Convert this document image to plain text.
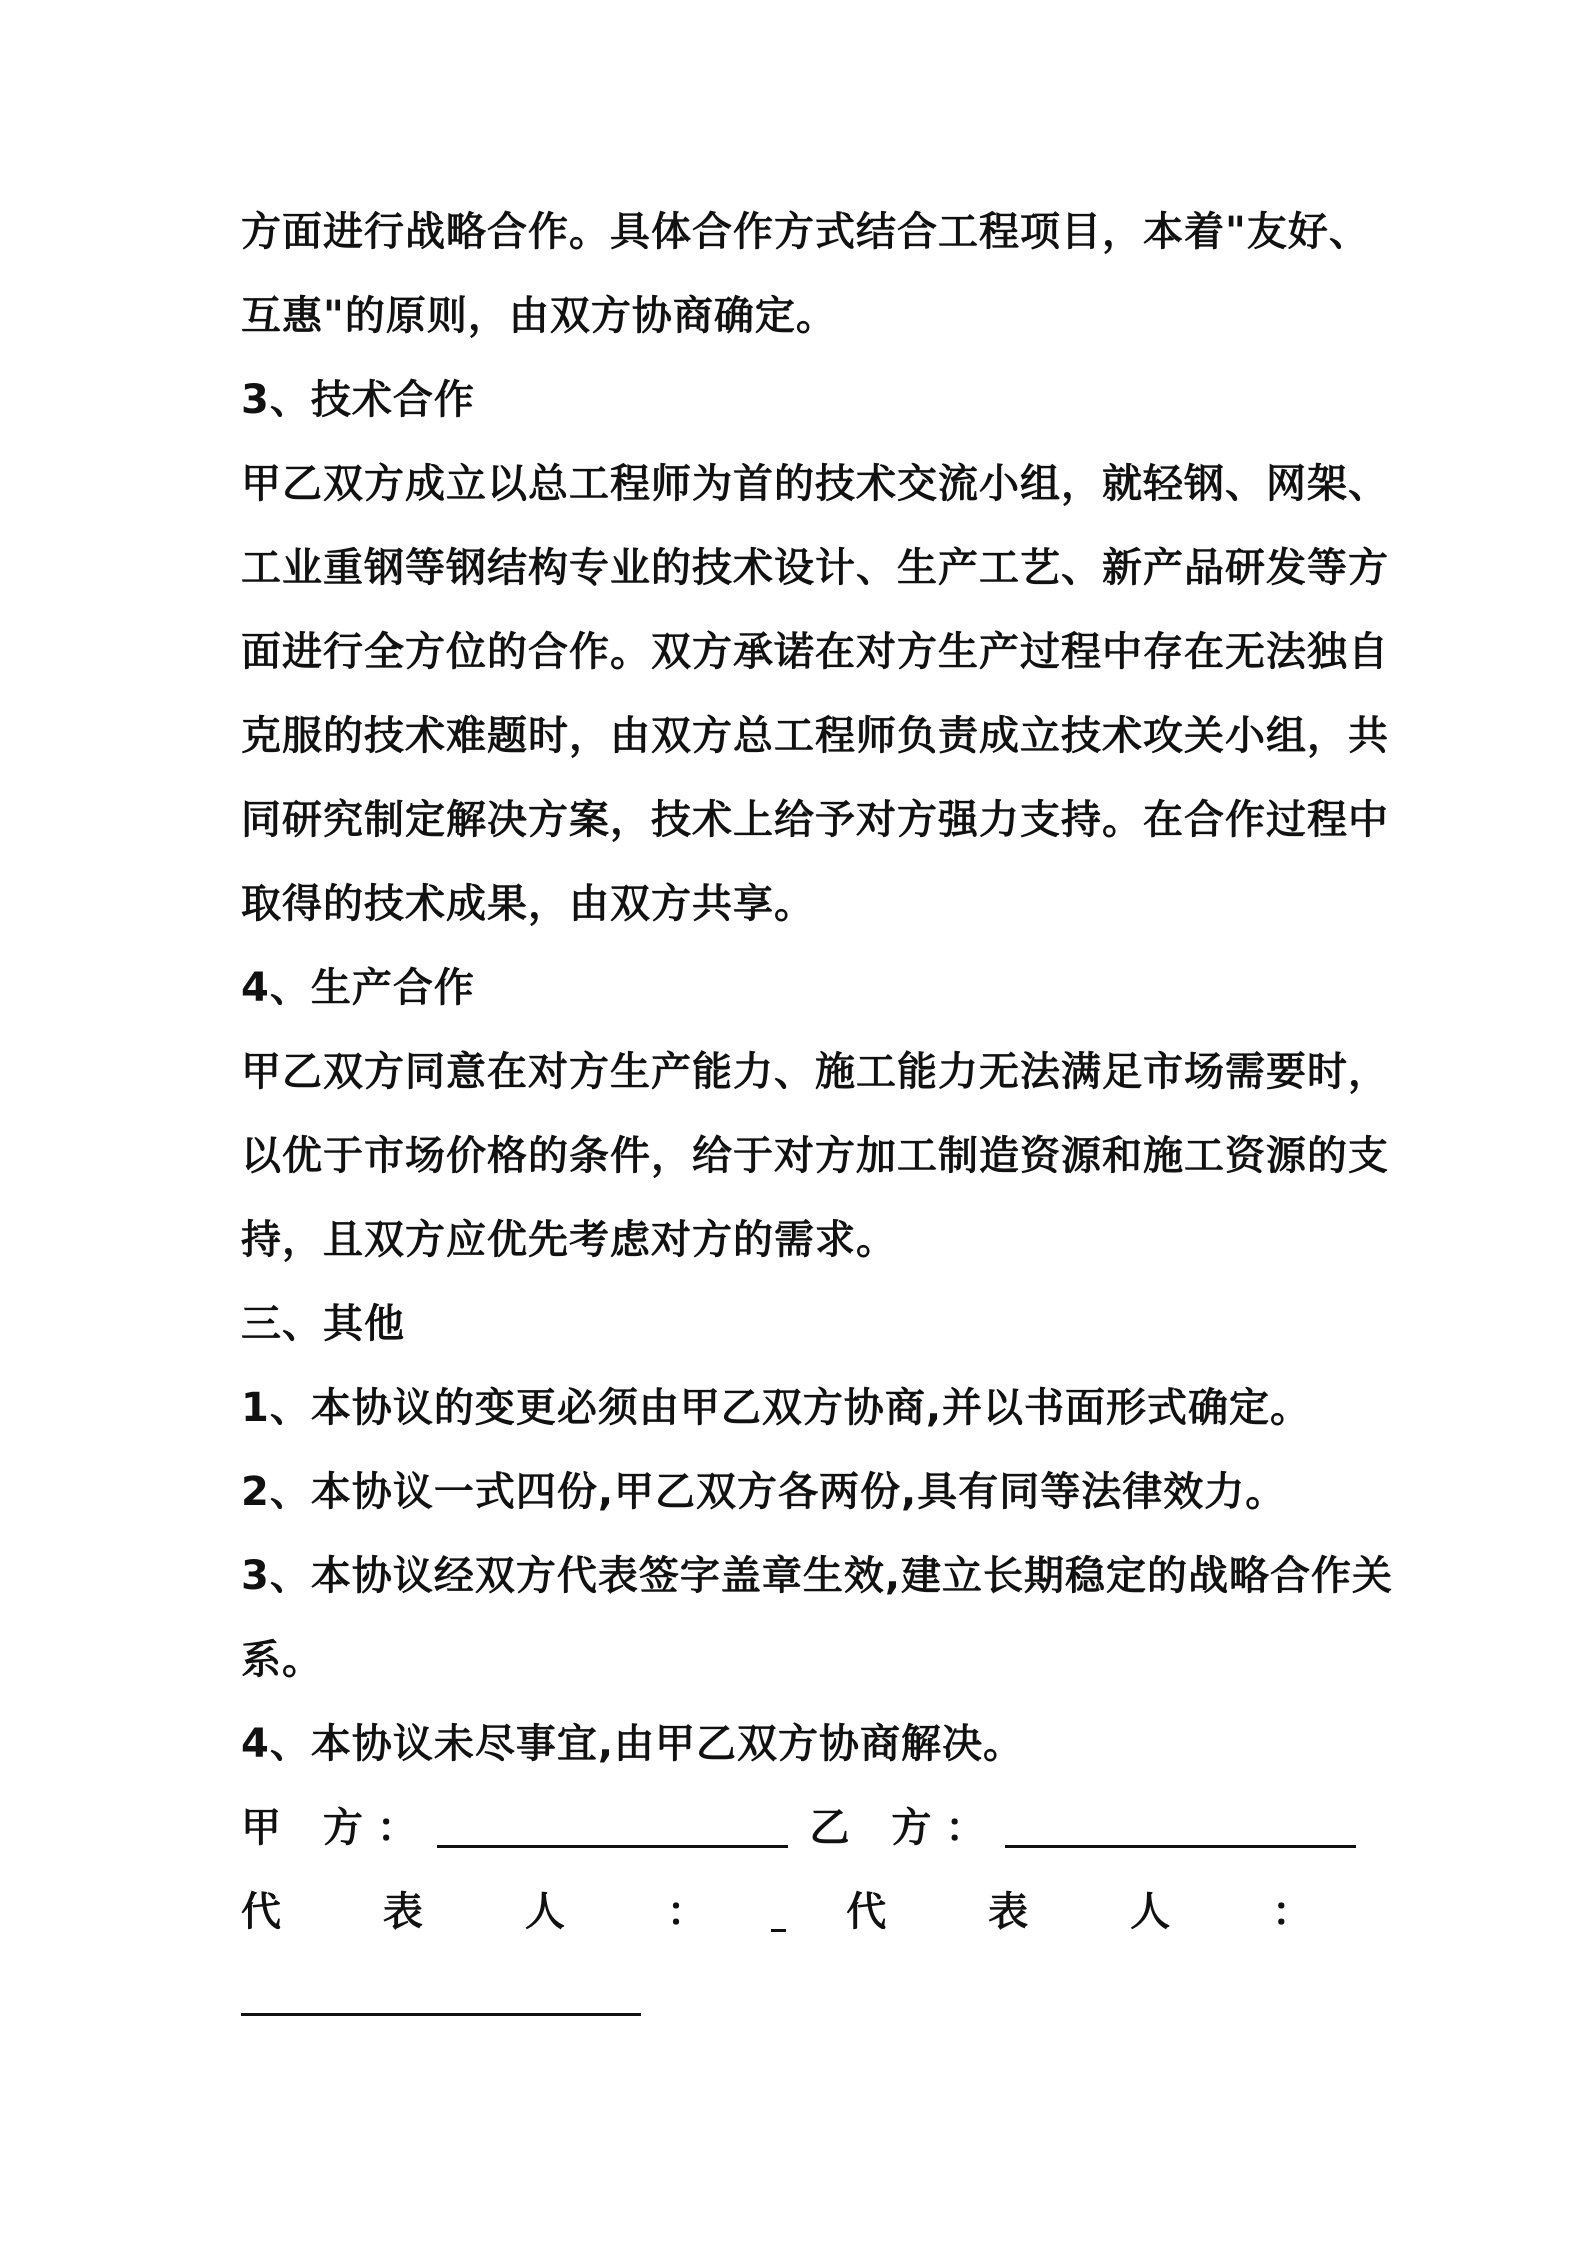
方面进行战略合作。具体合作方式结合工程项目，本着"友好、
互惠"的原则，由双方协商确定。
3、技术合作
甲乙双方成立以总工程师为首的技术交流小组，就轻钢、网架、
工业重钢等钢结构专业的技术设计、生产工艺、新产品研发等方
面进行全方位的合作。双方承诺在对方生产过程中存在无法独自
克服的技术难题时，由双方总工程师负责成立技术攻关小组，共
同研究制定解决方案，技术上给予对方强力支持。在合作过程中
取得的技术成果，由双方共享。
4、生产合作
甲乙双方同意在对方生产能力、施工能力无法满足市场需要时，
以优于市场价格的条件，给于对方加工制造资源和施工资源的支
持，且双方应优先考虑对方的需求。
三、其他
1、本协议的变更必须由甲乙双方协商,并以书面形式确定。
2、本协议一式四份,甲乙双方各两份,具有同等法律效力。
3、本协议经双方代表签字盖章生效,建立长期稳定的战略合作关
系。
4、本协议未尽事宜,由甲乙双方协商解决。
甲 方：	乙 方：
代 表 人 ： 代 表 人 ：
